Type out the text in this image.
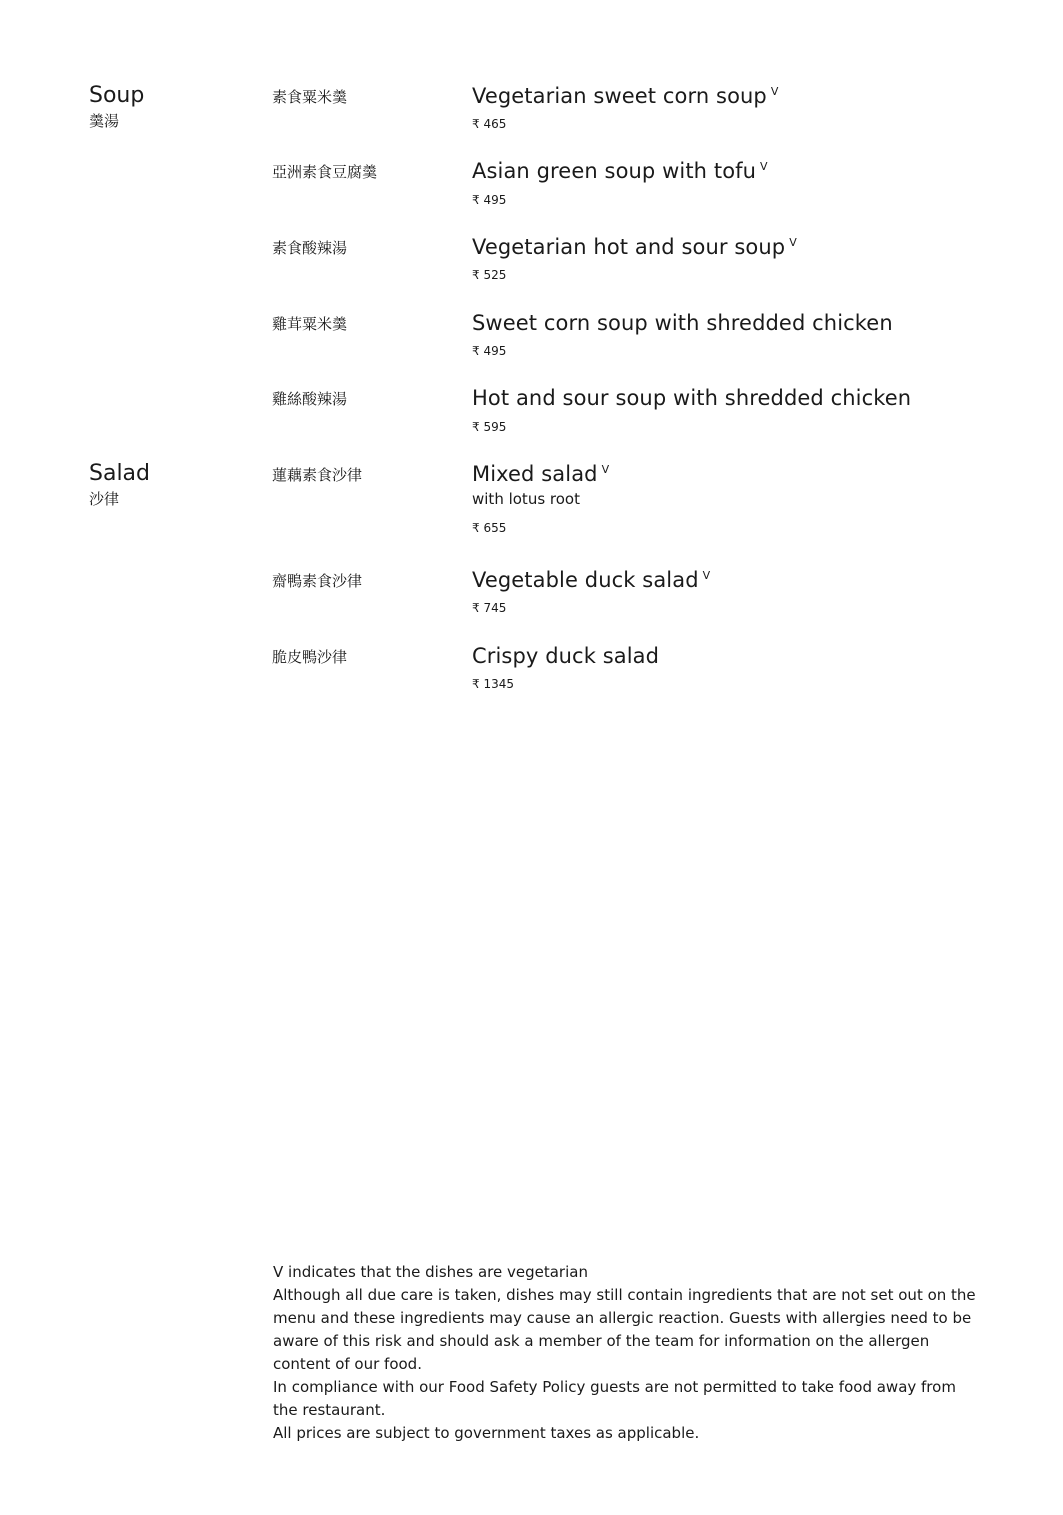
Soup
羹湯
素食粟米羹	Vegetarian sweet corn soup $^V$
₹ 465
亞洲素食豆腐羹	Asian green soup with tofu $^V$
₹ 495
素食酸辣湯	Vegetarian hot and sour soup $^V$
₹ 525
雞茸粟米羹	Sweet corn soup with shredded chicken
₹ 495
雞絲酸辣湯	Hot and sour soup with shredded chicken
₹ 595
Salad
沙律
蓮藕素食沙律	Mixed salad $^V$
with lotus root
₹ 655
齋鴨素食沙律	Vegetable duck salad $^V$
₹ 745
脆皮鴨沙律	Crispy duck salad
₹ 1345

V indicates that the dishes are vegetarian

Although all due care is taken, dishes may still contain ingredients that are not set out on the menu and these ingredients may cause an allergic reaction. Guests with allergies need to be aware of this risk and should ask a member of the team for information on the allergen content of our food.

In compliance with our Food Safety Policy guests are not permitted to take food away from the restaurant.

All prices are subject to government taxes as applicable.
